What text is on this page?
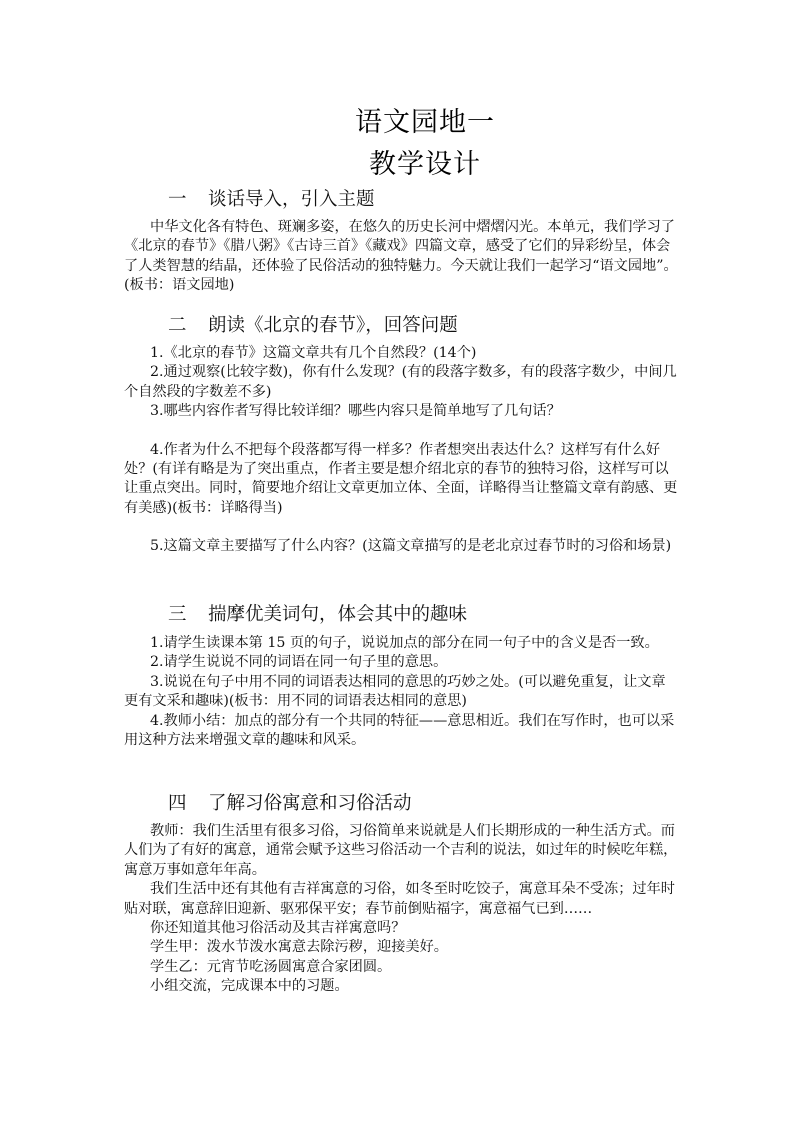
语文园地一
教学设计
一 谈话导入，引入主题

中华文化各有特色、斑斓多姿，在悠久的历史长河中熠熠闪光。本单元，我们学习了《北京的春节》《腊八粥》《古诗三首》《藏戏》四篇文章，感受了它们的异彩纷呈，体会了人类智慧的结晶，还体验了民俗活动的独特魅力。今天就让我们一起学习“语文园地”。(板书：语文园地)

二 朗读《北京的春节》，回答问题

1.《北京的春节》这篇文章共有几个自然段？(14个)

2.通过观察(比较字数)，你有什么发现？(有的段落字数多，有的段落字数少，中间几个自然段的字数差不多)

3.哪些内容作者写得比较详细？哪些内容只是简单地写了几句话？

4.作者为什么不把每个段落都写得一样多？作者想突出表达什么？这样写有什么好处？(有详有略是为了突出重点，作者主要是想介绍北京的春节的独特习俗，这样写可以让重点突出。同时，简要地介绍让文章更加立体、全面，详略得当让整篇文章有韵感、更有美感)(板书：详略得当)

5.这篇文章主要描写了什么内容？(这篇文章描写的是老北京过春节时的习俗和场景)

三 揣摩优美词句，体会其中的趣味

1.请学生读课本第 15 页的句子，说说加点的部分在同一句子中的含义是否一致。

2.请学生说说不同的词语在同一句子里的意思。

3.说说在句子中用不同的词语表达相同的意思的巧妙之处。(可以避免重复，让文章更有文采和趣味)(板书：用不同的词语表达相同的意思)

4.教师小结：加点的部分有一个共同的特征——意思相近。我们在写作时，也可以采用这种方法来增强文章的趣味和风采。

四 了解习俗寓意和习俗活动

教师：我们生活里有很多习俗，习俗简单来说就是人们长期形成的一种生活方式。而人们为了有好的寓意，通常会赋予这些习俗活动一个吉利的说法，如过年的时候吃年糕，寓意万事如意年年高。

我们生活中还有其他有吉祥寓意的习俗，如冬至时吃饺子，寓意耳朵不受冻；过年时贴对联，寓意辞旧迎新、驱邪保平安；春节前倒贴福字，寓意福气已到……

你还知道其他习俗活动及其吉祥寓意吗？

学生甲：泼水节泼水寓意去除污秽，迎接美好。

学生乙：元宵节吃汤圆寓意合家团圆。

小组交流，完成课本中的习题。
